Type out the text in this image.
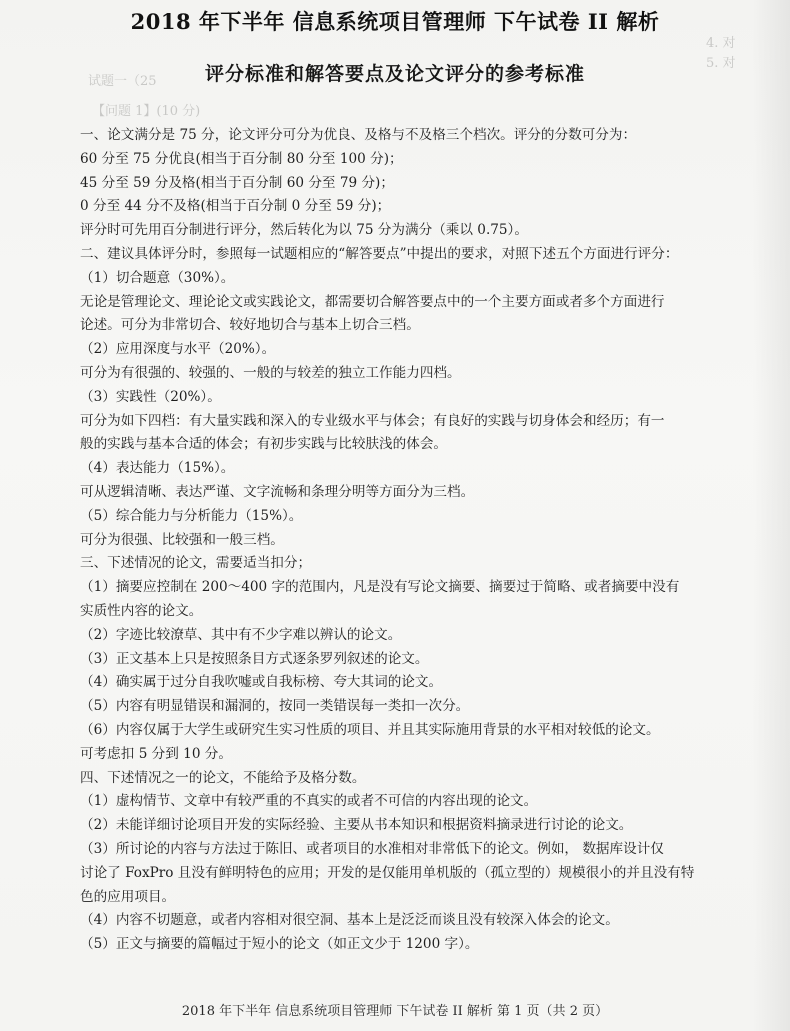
试题一（25
【问题 1】(10 分)
4. 对
5. 对
2018 年下半年 信息系统项目管理师 下午试卷 II 解析
评分标准和解答要点及论文评分的参考标准
一、论文满分是 75 分，论文评分可分为优良、及格与不及格三个档次。评分的分数可分为：
60 分至 75 分优良(相当于百分制 80 分至 100 分)；
45 分至 59 分及格(相当于百分制 60 分至 79 分)；
0 分至 44 分不及格(相当于百分制 0 分至 59 分)；
评分时可先用百分制进行评分，然后转化为以 75 分为满分（乘以 0.75）。
二、建议具体评分时，参照每一试题相应的“解答要点”中提出的要求，对照下述五个方面进行评分：
（1）切合题意（30%）。
无论是管理论文、理论论文或实践论文，都需要切合解答要点中的一个主要方面或者多个方面进行
论述。可分为非常切合、较好地切合与基本上切合三档。
（2）应用深度与水平（20%）。
可分为有很强的、较强的、一般的与较差的独立工作能力四档。
（3）实践性（20%）。
可分为如下四档：有大量实践和深入的专业级水平与体会；有良好的实践与切身体会和经历；有一
般的实践与基本合适的体会；有初步实践与比较肤浅的体会。
（4）表达能力（15%）。
可从逻辑清晰、表达严谨、文字流畅和条理分明等方面分为三档。
（5）综合能力与分析能力（15%）。
可分为很强、比较强和一般三档。
三、下述情况的论文，需要适当扣分；
（1）摘要应控制在 200～400 字的范围内，凡是没有写论文摘要、摘要过于简略、或者摘要中没有
实质性内容的论文。
（2）字迹比较潦草、其中有不少字难以辨认的论文。
（3）正文基本上只是按照条目方式逐条罗列叙述的论文。
（4）确实属于过分自我吹嘘或自我标榜、夸大其词的论文。
（5）内容有明显错误和漏洞的，按同一类错误每一类扣一次分。
（6）内容仅属于大学生或研究生实习性质的项目、并且其实际施用背景的水平相对较低的论文。
可考虑扣 5 分到 10 分。
四、下述情况之一的论文，不能给予及格分数。
（1）虚构情节、文章中有较严重的不真实的或者不可信的内容出现的论文。
（2）未能详细讨论项目开发的实际经验、主要从书本知识和根据资料摘录进行讨论的论文。
（3）所讨论的内容与方法过于陈旧、或者项目的水准相对非常低下的论文。例如， 数据库设计仅
讨论了 FoxPro 且没有鲜明特色的应用；开发的是仅能用单机版的（孤立型的）规模很小的并且没有特
色的应用项目。
（4）内容不切题意，或者内容相对很空洞、基本上是泛泛而谈且没有较深入体会的论文。
（5）正文与摘要的篇幅过于短小的论文（如正文少于 1200 字）。
2018 年下半年 信息系统项目管理师 下午试卷 II 解析 第 1 页（共 2 页）
